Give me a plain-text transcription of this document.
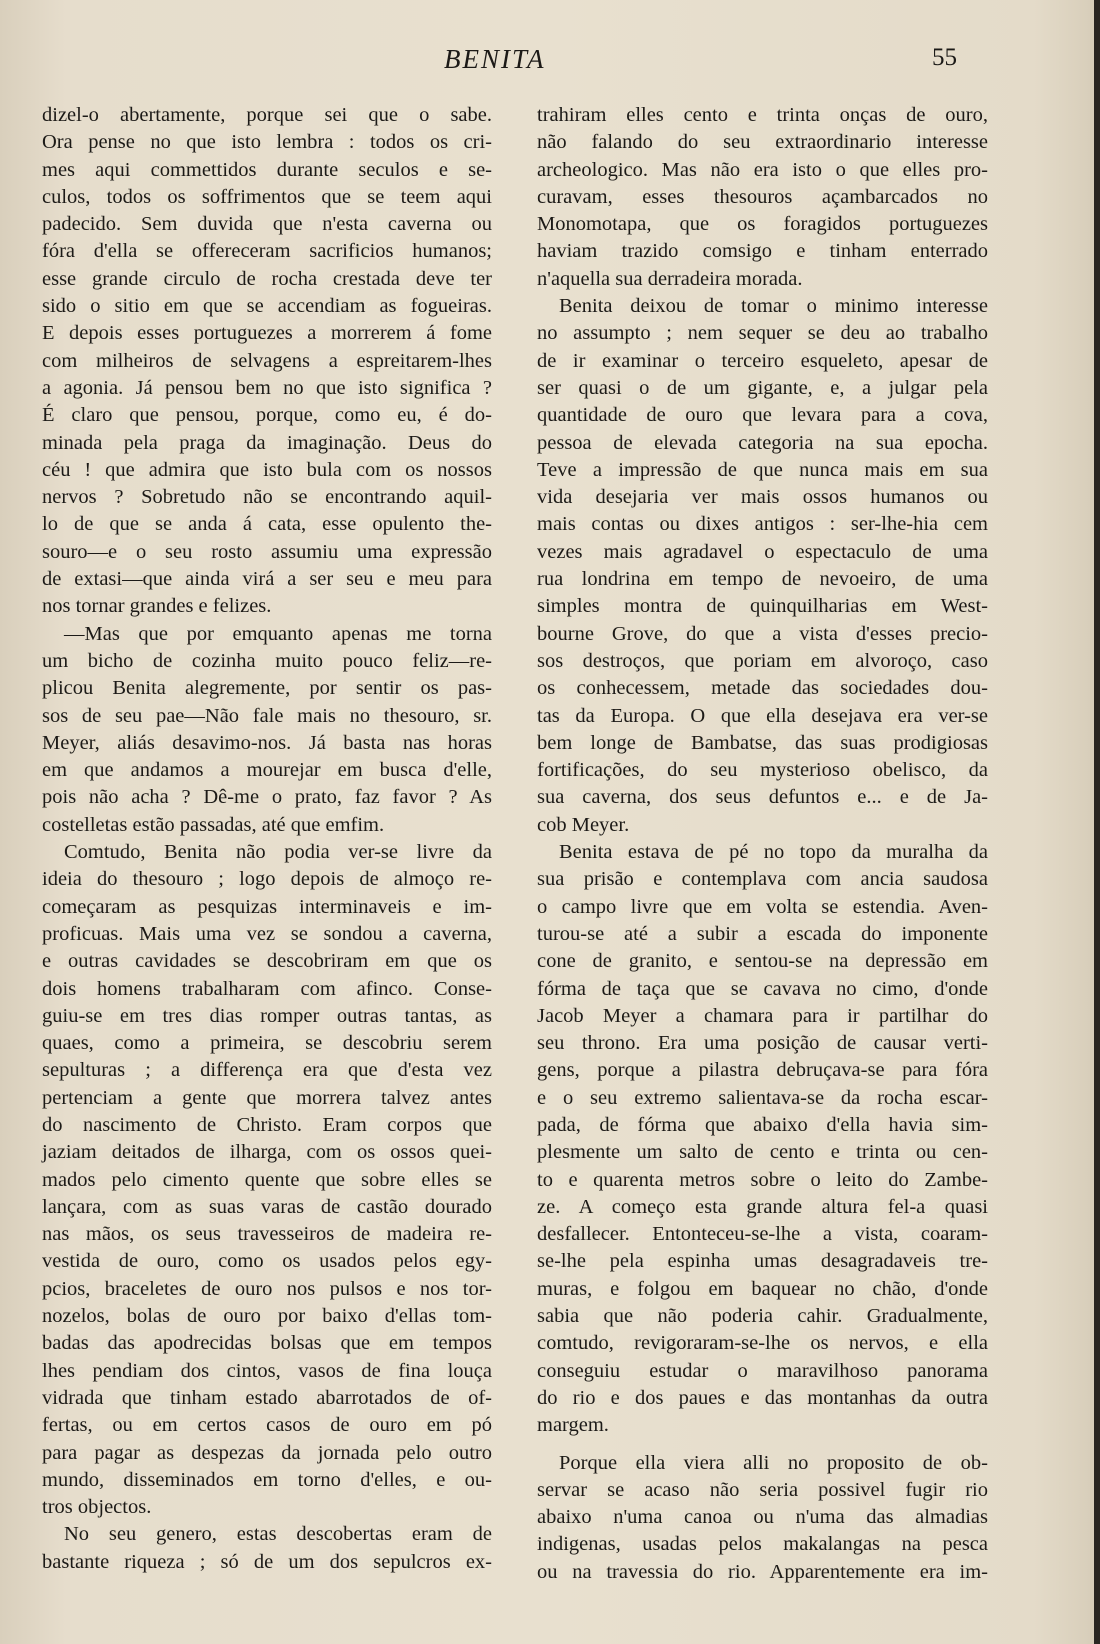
BENITA	55
dizel-o abertamente, porque sei que o sabe.
Ora pense no que isto lembra : todos os cri-
mes aqui commettidos durante seculos e se-
culos, todos os soffrimentos que se teem aqui
padecido. Sem duvida que n'esta caverna ou
fóra d'ella se offereceram sacrificios humanos;
esse grande circulo de rocha crestada deve ter
sido o sitio em que se accendiam as fogueiras.
E depois esses portuguezes a morrerem á fome
com milheiros de selvagens a espreitarem-lhes
a agonia. Já pensou bem no que isto significa ?
É claro que pensou, porque, como eu, é do-
minada pela praga da imaginação. Deus do
céu ! que admira que isto bula com os nossos
nervos ? Sobretudo não se encontrando aquil-
lo de que se anda á cata, esse opulento the-
souro—e o seu rosto assumiu uma expressão
de extasi—que ainda virá a ser seu e meu para
nos tornar grandes e felizes.
—Mas que por emquanto apenas me torna
um bicho de cozinha muito pouco feliz—re-
plicou Benita alegremente, por sentir os pas-
sos de seu pae—Não fale mais no thesouro, sr.
Meyer, aliás desavimo-nos. Já basta nas horas
em que andamos a mourejar em busca d'elle,
pois não acha ? Dê-me o prato, faz favor ? As
costelletas estão passadas, até que emfim.
Comtudo, Benita não podia ver-se livre da
ideia do thesouro ; logo depois de almoço re-
começaram as pesquizas interminaveis e im-
proficuas. Mais uma vez se sondou a caverna,
e outras cavidades se descobriram em que os
dois homens trabalharam com afinco. Conse-
guiu-se em tres dias romper outras tantas, as
quaes, como a primeira, se descobriu serem
sepulturas ; a differença era que d'esta vez
pertenciam a gente que morrera talvez antes
do nascimento de Christo. Eram corpos que
jaziam deitados de ilharga, com os ossos quei-
mados pelo cimento quente que sobre elles se
lançara, com as suas varas de castão dourado
nas mãos, os seus travesseiros de madeira re-
vestida de ouro, como os usados pelos egy-
pcios, braceletes de ouro nos pulsos e nos tor-
nozelos, bolas de ouro por baixo d'ellas tom-
badas das apodrecidas bolsas que em tempos
lhes pendiam dos cintos, vasos de fina louça
vidrada que tinham estado abarrotados de of-
fertas, ou em certos casos de ouro em pó
para pagar as despezas da jornada pelo outro
mundo, disseminados em torno d'elles, e ou-
tros objectos.
No seu genero, estas descobertas eram de
bastante riqueza ; só de um dos sepulcros ex-
trahiram elles cento e trinta onças de ouro,
não falando do seu extraordinario interesse
archeologico. Mas não era isto o que elles pro-
curavam, esses thesouros açambarcados no
Monomotapa, que os foragidos portuguezes
haviam trazido comsigo e tinham enterrado
n'aquella sua derradeira morada.
Benita deixou de tomar o minimo interesse
no assumpto ; nem sequer se deu ao trabalho
de ir examinar o terceiro esqueleto, apesar de
ser quasi o de um gigante, e, a julgar pela
quantidade de ouro que levara para a cova,
pessoa de elevada categoria na sua epocha.
Teve a impressão de que nunca mais em sua
vida desejaria ver mais ossos humanos ou
mais contas ou dixes antigos : ser-lhe-hia cem
vezes mais agradavel o espectaculo de uma
rua londrina em tempo de nevoeiro, de uma
simples montra de quinquilharias em West-
bourne Grove, do que a vista d'esses precio-
sos destroços, que poriam em alvoroço, caso
os conhecessem, metade das sociedades dou-
tas da Europa. O que ella desejava era ver-se
bem longe de Bambatse, das suas prodigiosas
fortificações, do seu mysterioso obelisco, da
sua caverna, dos seus defuntos e... e de Ja-
cob Meyer.
Benita estava de pé no topo da muralha da
sua prisão e contemplava com ancia saudosa
o campo livre que em volta se estendia. Aven-
turou-se até a subir a escada do imponente
cone de granito, e sentou-se na depressão em
fórma de taça que se cavava no cimo, d'onde
Jacob Meyer a chamara para ir partilhar do
seu throno. Era uma posição de causar verti-
gens, porque a pilastra debruçava-se para fóra
e o seu extremo salientava-se da rocha escar-
pada, de fórma que abaixo d'ella havia sim-
plesmente um salto de cento e trinta ou cen-
to e quarenta metros sobre o leito do Zambe-
ze. A começo esta grande altura fel-a quasi
desfallecer. Entonteceu-se-lhe a vista, coaram-
se-lhe pela espinha umas desagradaveis tre-
muras, e folgou em baquear no chão, d'onde
sabia que não poderia cahir. Gradualmente,
comtudo, revigoraram-se-lhe os nervos, e ella
conseguiu estudar o maravilhoso panorama
do rio e dos paues e das montanhas da outra
margem.
Porque ella viera alli no proposito de ob-
servar se acaso não seria possivel fugir rio
abaixo n'uma canoa ou n'uma das almadias
indigenas, usadas pelos makalangas na pesca
ou na travessia do rio. Apparentemente era im-
